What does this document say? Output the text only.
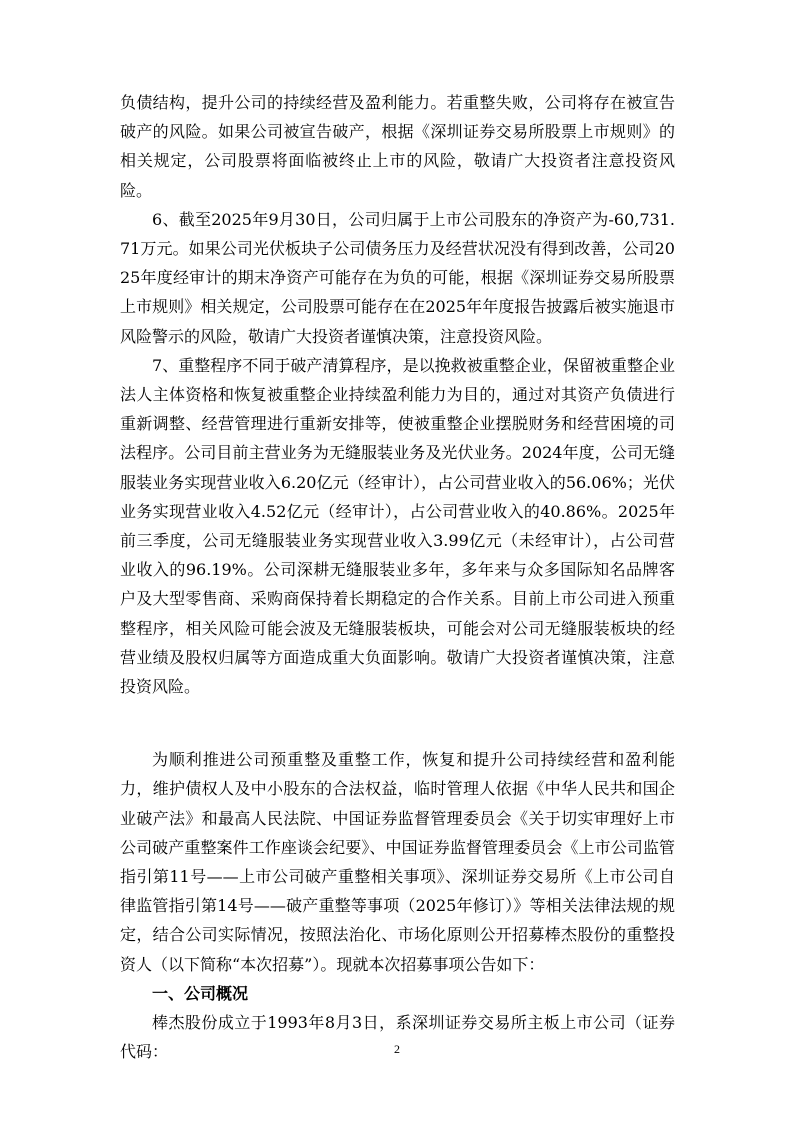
负债结构，提升公司的持续经营及盈利能力。若重整失败，公司将存在被宣告破产的风险。如果公司被宣告破产，根据《深圳证券交易所股票上市规则》的相关规定，公司股票将面临被终止上市的风险，敬请广大投资者注意投资风险。

6、截至2025年9月30日，公司归属于上市公司股东的净资产为-60,731.71万元。如果公司光伏板块子公司债务压力及经营状况没有得到改善，公司2025年度经审计的期末净资产可能存在为负的可能，根据《深圳证券交易所股票上市规则》相关规定，公司股票可能存在在2025年年度报告披露后被实施退市风险警示的风险，敬请广大投资者谨慎决策，注意投资风险。

7、重整程序不同于破产清算程序，是以挽救被重整企业，保留被重整企业法人主体资格和恢复被重整企业持续盈利能力为目的，通过对其资产负债进行重新调整、经营管理进行重新安排等，使被重整企业摆脱财务和经营困境的司法程序。公司目前主营业务为无缝服装业务及光伏业务。2024年度，公司无缝服装业务实现营业收入6.20亿元（经审计），占公司营业收入的56.06%；光伏业务实现营业收入4.52亿元（经审计），占公司营业收入的40.86%。2025年前三季度，公司无缝服装业务实现营业收入3.99亿元（未经审计），占公司营业收入的96.19%。公司深耕无缝服装业多年，多年来与众多国际知名品牌客户及大型零售商、采购商保持着长期稳定的合作关系。目前上市公司进入预重整程序，相关风险可能会波及无缝服装板块，可能会对公司无缝服装板块的经营业绩及股权归属等方面造成重大负面影响。敬请广大投资者谨慎决策，注意投资风险。

为顺利推进公司预重整及重整工作，恢复和提升公司持续经营和盈利能力，维护债权人及中小股东的合法权益，临时管理人依据《中华人民共和国企业破产法》和最高人民法院、中国证券监督管理委员会《关于切实审理好上市公司破产重整案件工作座谈会纪要》、中国证券监督管理委员会《上市公司监管指引第11号——上市公司破产重整相关事项》、深圳证券交易所《上市公司自律监管指引第14号——破产重整等事项（2025年修订）》等相关法律法规的规定，结合公司实际情况，按照法治化、市场化原则公开招募棒杰股份的重整投资人（以下简称“本次招募”）。现就本次招募事项公告如下：

一、公司概况

棒杰股份成立于1993年8月3日，系深圳证券交易所主板上市公司（证券代码：	2
